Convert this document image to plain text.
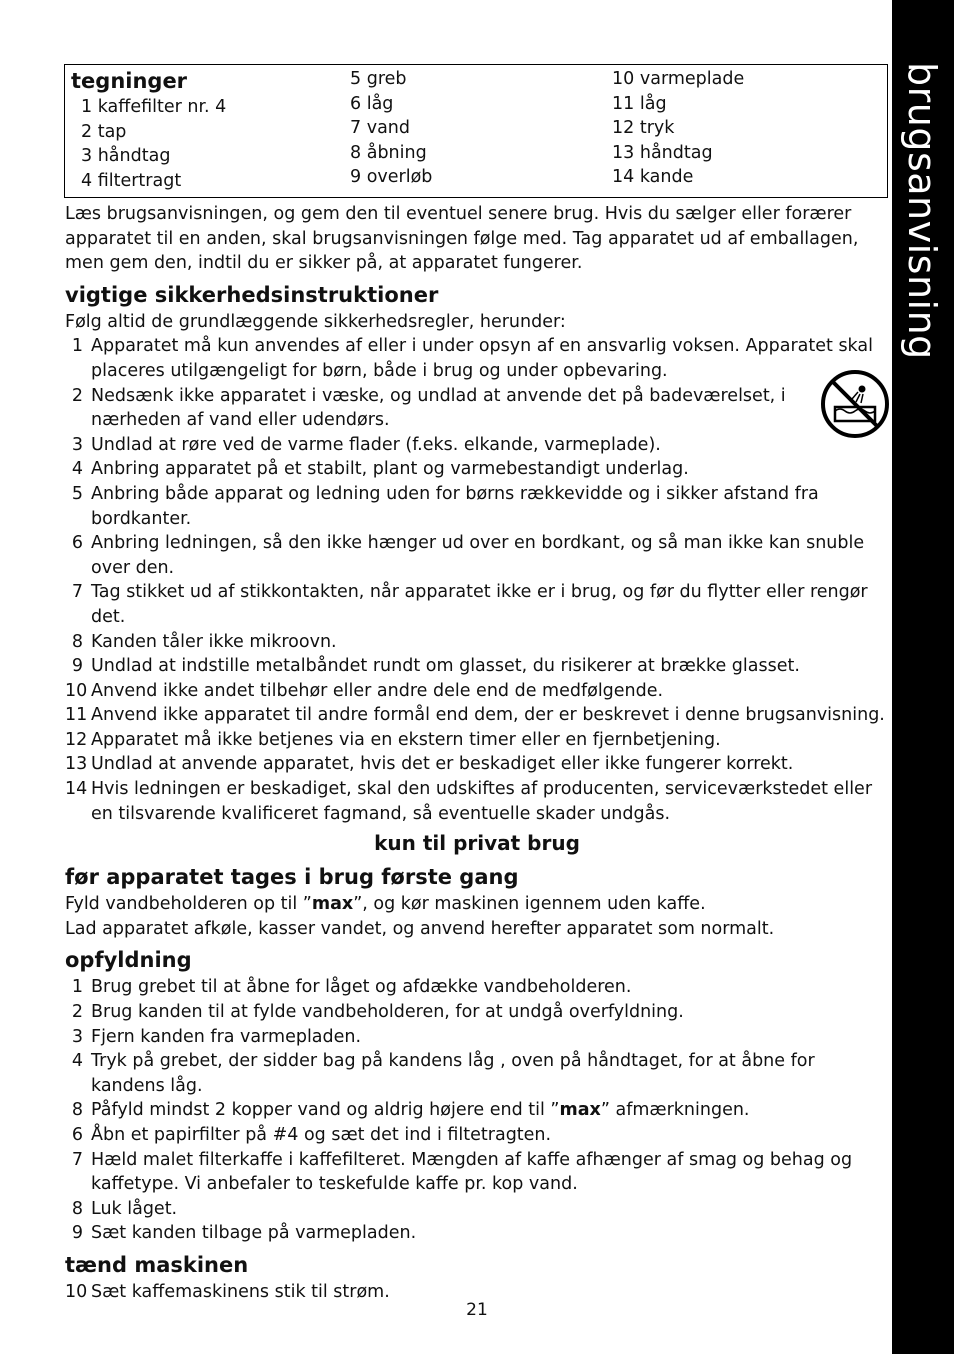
brugsanvisning
tegninger
1 kaffefilter nr. 4
2 tap
3 håndtag
4 filtertragt
5 greb
6 låg
7 vand
8 åbning
9 overløb
10 varmeplade
11 låg
12 tryk
13 håndtag
14 kande

Læs brugsanvisningen, og gem den til eventuel senere brug. Hvis du sælger eller forærer apparatet til en anden, skal brugsanvisningen følge med. Tag apparatet ud af emballagen, men gem den, indtil du er sikker på, at apparatet fungerer.

vigtige sikkerhedsinstruktioner

Følg altid de grundlæggende sikkerhedsregler, herunder:

1 Apparatet må kun anvendes af eller i under opsyn af en ansvarlig voksen. Apparatet skal placeres utilgængeligt for børn, både i brug og under opbevaring.
2 Nedsænk ikke apparatet i væske, og undlad at anvende det på badeværelset, i nærheden af vand eller udendørs.
3 Undlad at røre ved de varme flader (f.eks. elkande, varmeplade).
4 Anbring apparatet på et stabilt, plant og varmebestandigt underlag.
5 Anbring både apparat og ledning uden for børns rækkevidde og i sikker afstand fra bordkanter.
6 Anbring ledningen, så den ikke hænger ud over en bordkant, og så man ikke kan snuble over den.
7 Tag stikket ud af stikkontakten, når apparatet ikke er i brug, og før du flytter eller rengør det.
8 Kanden tåler ikke mikroovn.
9 Undlad at indstille metalbåndet rundt om glasset, du risikerer at brække glasset.
10 Anvend ikke andet tilbehør eller andre dele end de medfølgende.
11 Anvend ikke apparatet til andre formål end dem, der er beskrevet i denne brugsanvisning.
12 Apparatet må ikke betjenes via en ekstern timer eller en fjernbetjening.
13 Undlad at anvende apparatet, hvis det er beskadiget eller ikke fungerer korrekt.
14 Hvis ledningen er beskadiget, skal den udskiftes af producenten, serviceværkstedet eller en tilsvarende kvalificeret fagmand, så eventuelle skader undgås.
kun til privat brug
før apparatet tages i brug første gang

Fyld vandbeholderen op til ”max”, og kør maskinen igennem uden kaffe.

Lad apparatet afkøle, kasser vandet, og anvend herefter apparatet som normalt.

opfyldning
1 Brug grebet til at åbne for låget og afdække vandbeholderen.
2 Brug kanden til at fylde vandbeholderen, for at undgå overfyldning.
3 Fjern kanden fra varmepladen.
4 Tryk på grebet, der sidder bag på kandens låg , oven på håndtaget, for at åbne for kandens låg.
8 Påfyld mindst 2 kopper vand og aldrig højere end til ”max” afmærkningen.
6 Åbn et papirfilter på #4 og sæt det ind i filtetragten.
7 Hæld malet filterkaffe i kaffefilteret. Mængden af kaffe afhænger af smag og behag og kaffetype. Vi anbefaler to teskefulde kaffe pr. kop vand.
8 Luk låget.
9 Sæt kanden tilbage på varmepladen.
tænd maskinen
10 Sæt kaffemaskinens stik til strøm.
21
